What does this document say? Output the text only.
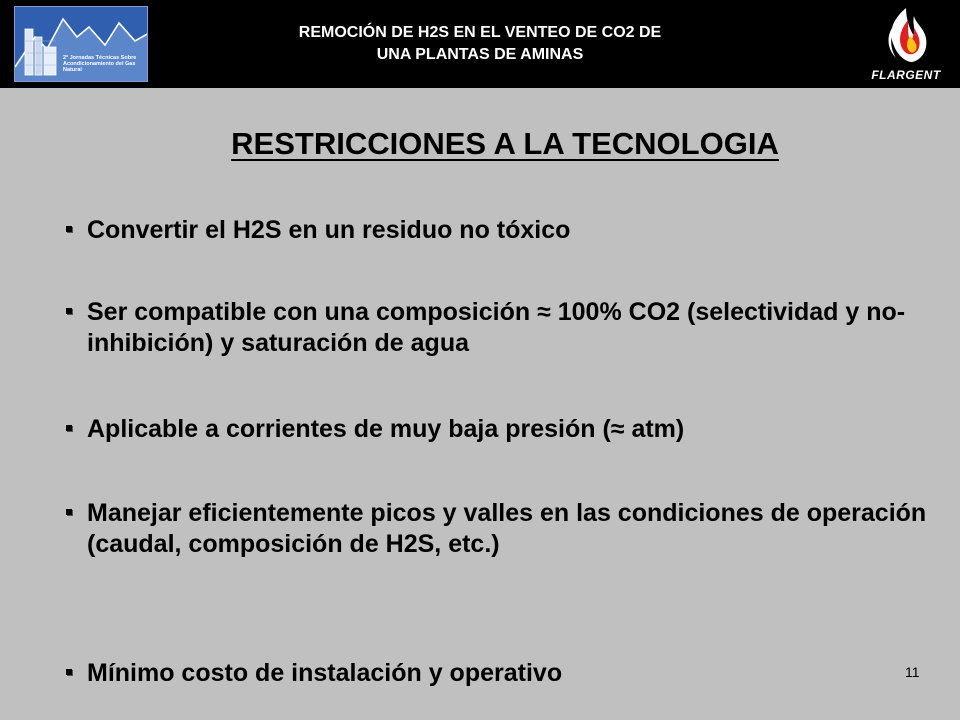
2ª Jornadas Técnicas Sobre Acondicionamiento del Gas Natural
REMOCIÓN DE H2S EN EL VENTEO DE CO2 DE
UNA PLANTAS DE AMINAS
FLARGENT
RESTRICCIONES A LA TECNOLOGIA
Convertir el H2S en un residuo no tóxico
Ser compatible con una composición ≈ 100% CO2 (selectividad y no-inhibición) y saturación de agua
Aplicable a corrientes de muy baja presión (≈ atm)
Manejar eficientemente picos y valles en las condiciones de operación (caudal, composición de H2S, etc.)
Mínimo costo de instalación y operativo	11
